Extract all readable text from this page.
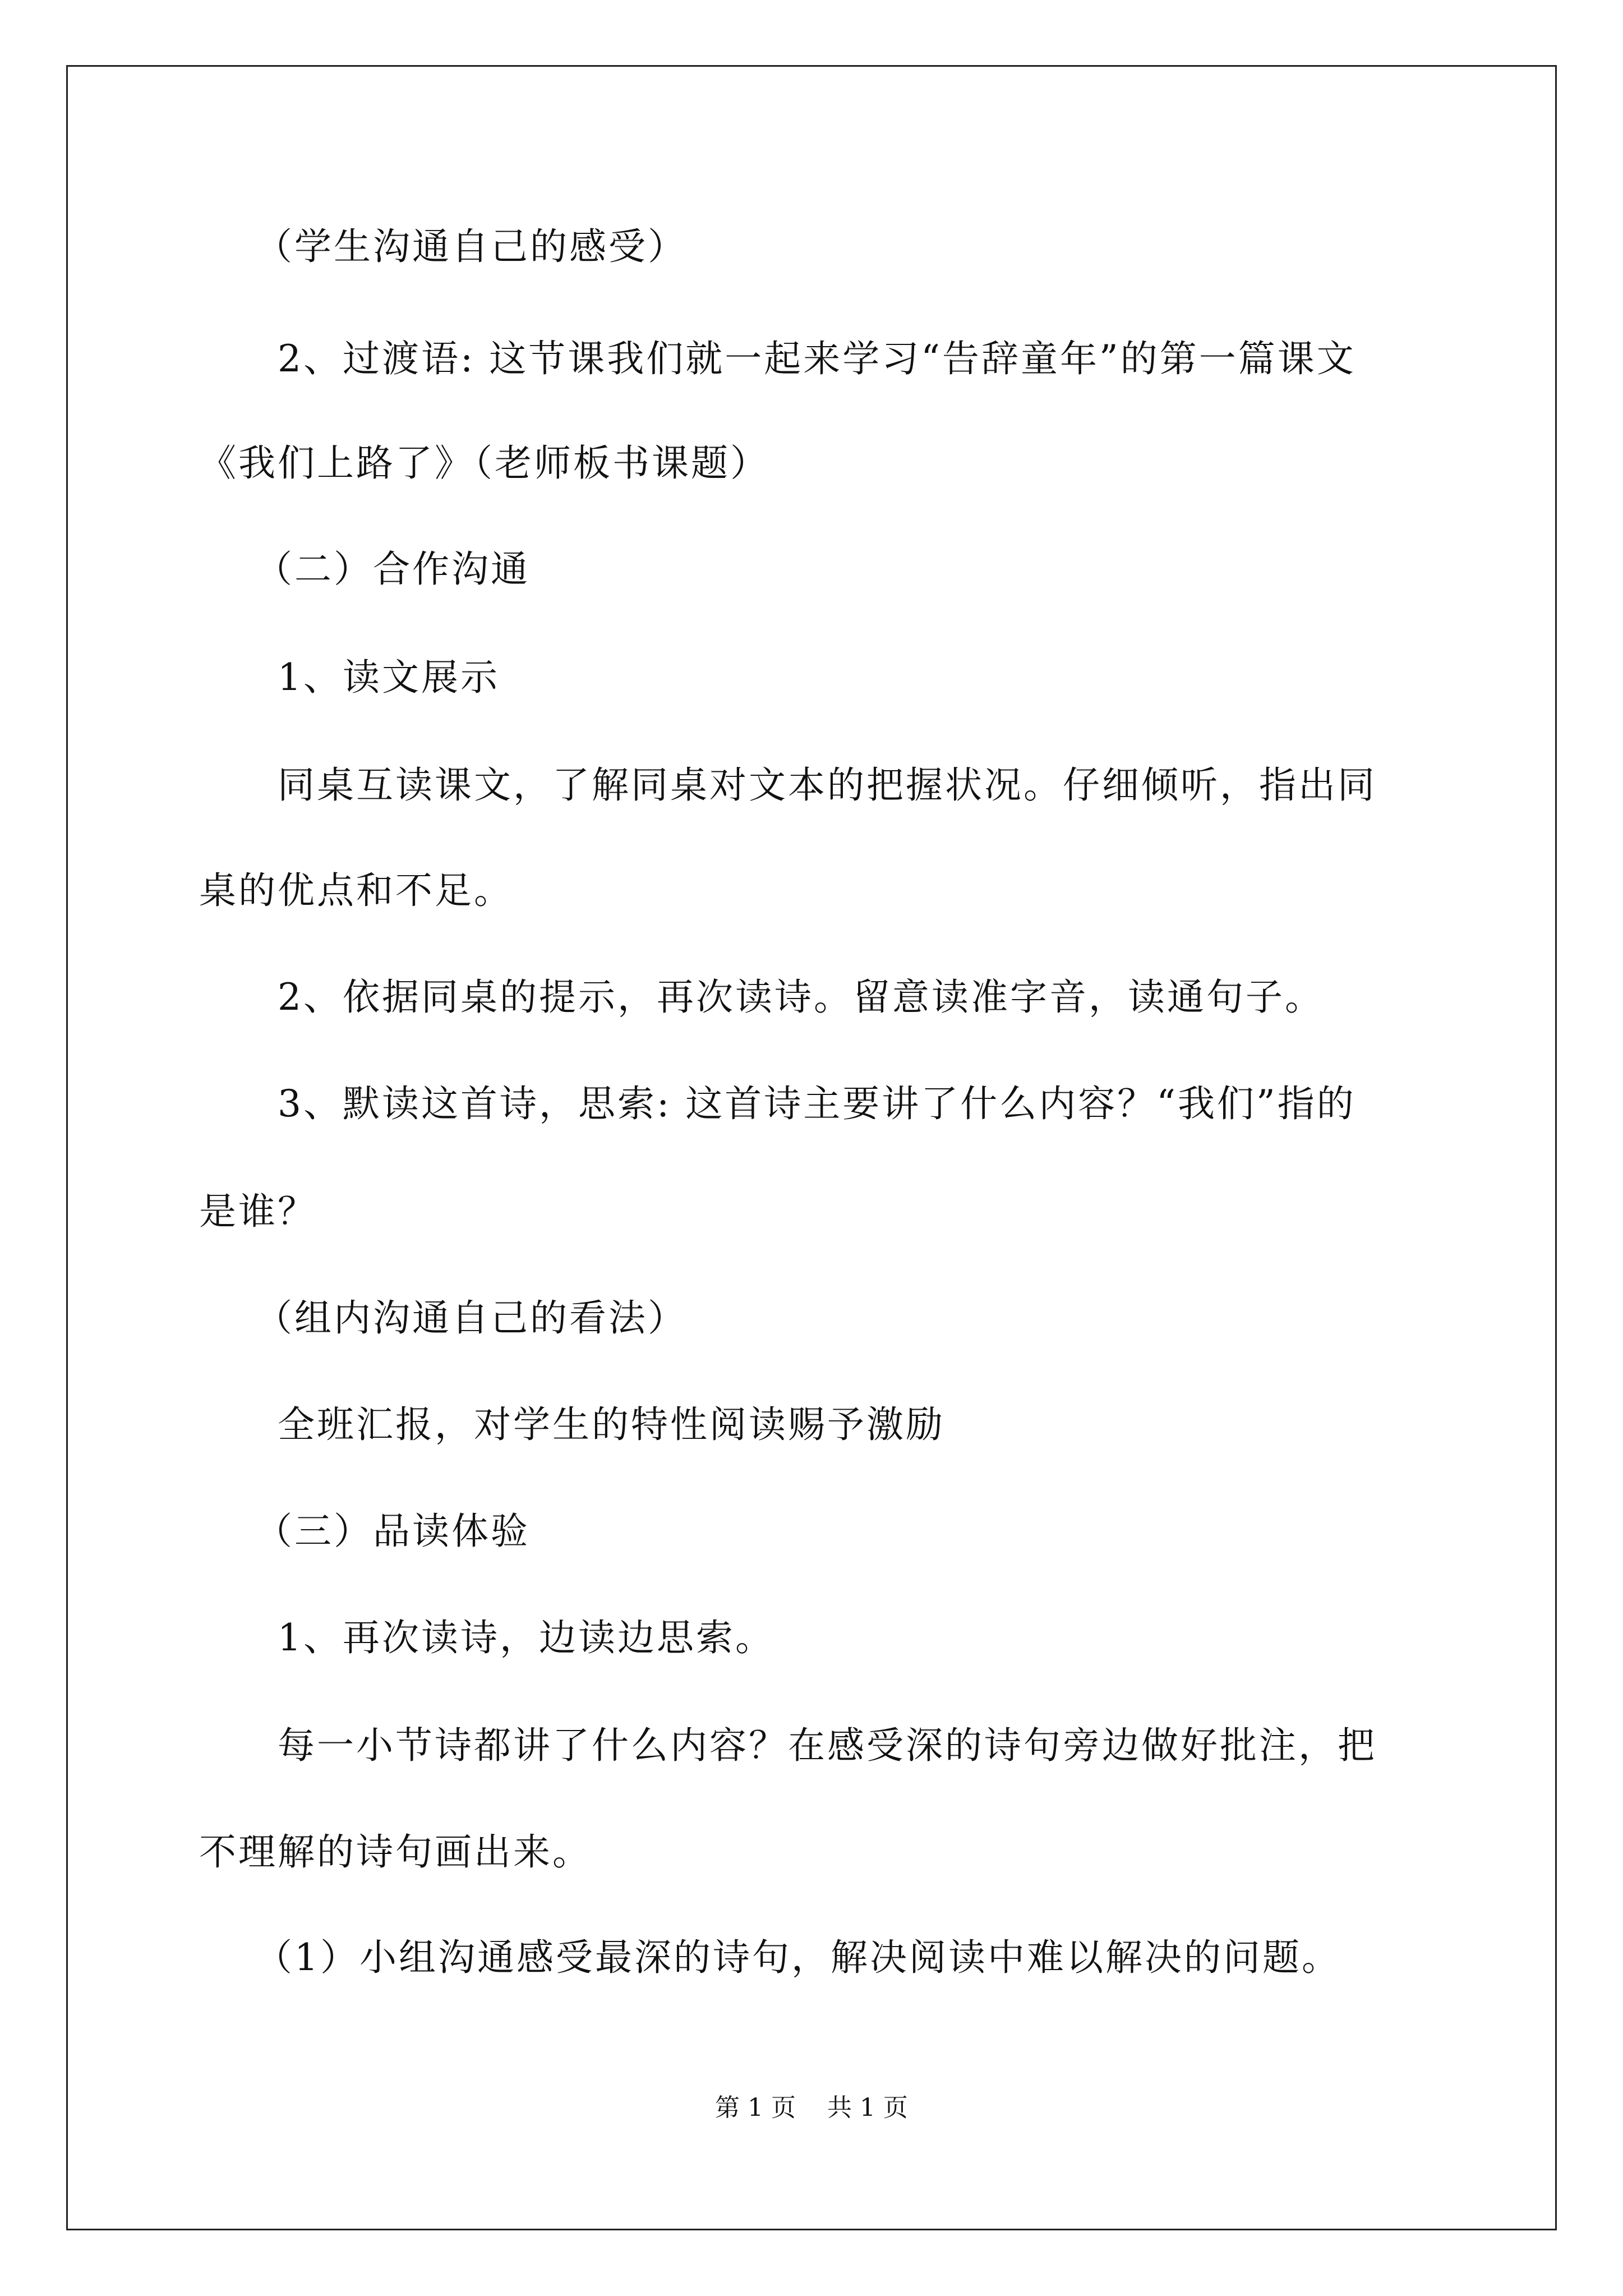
（学生沟通自己的感受）
2、过渡语: 这节课我们就一起来学习“告辞童年”的第一篇课文
《我们上路了》（老师板书课题）
（二）合作沟通
1、读文展示
同桌互读课文，了解同桌对文本的把握状况。仔细倾听，指出同
桌的优点和不足。
2、依据同桌的提示，再次读诗。留意读准字音，读通句子。
3、默读这首诗，思索: 这首诗主要讲了什么内容？“我们”指的
是谁？
（组内沟通自己的看法）
全班汇报，对学生的特性阅读赐予激励
（三）品读体验
1、再次读诗，边读边思索。
每一小节诗都讲了什么内容？在感受深的诗句旁边做好批注，把
不理解的诗句画出来。
（1）小组沟通感受最深的诗句，解决阅读中难以解决的问题。
第 1 页    共 1 页
